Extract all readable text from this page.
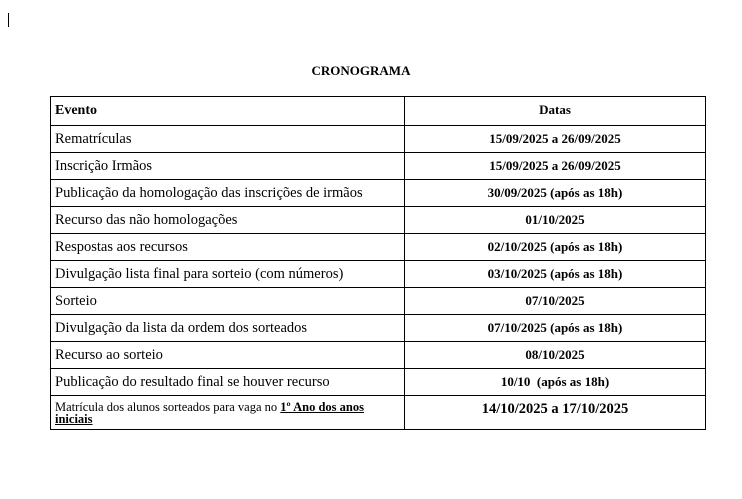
CRONOGRAMA
Evento	Datas
Rematrículas	15/09/2025 a 26/09/2025
Inscrição Irmãos	15/09/2025 a 26/09/2025
Publicação da homologação das inscrições de irmãos	30/09/2025 (após as 18h)
Recurso das não homologações	01/10/2025
Respostas aos recursos	02/10/2025 (após as 18h)
Divulgação lista final para sorteio (com números)	03/10/2025 (após as 18h)
Sorteio	07/10/2025
Divulgação da lista da ordem dos sorteados	07/10/2025 (após as 18h)
Recurso ao sorteio	08/10/2025
Publicação do resultado final se houver recurso	10/10  (após as 18h)
Matrícula dos alunos sorteados para vaga no 1º Ano dos anos iniciais	14/10/2025 a 17/10/2025
